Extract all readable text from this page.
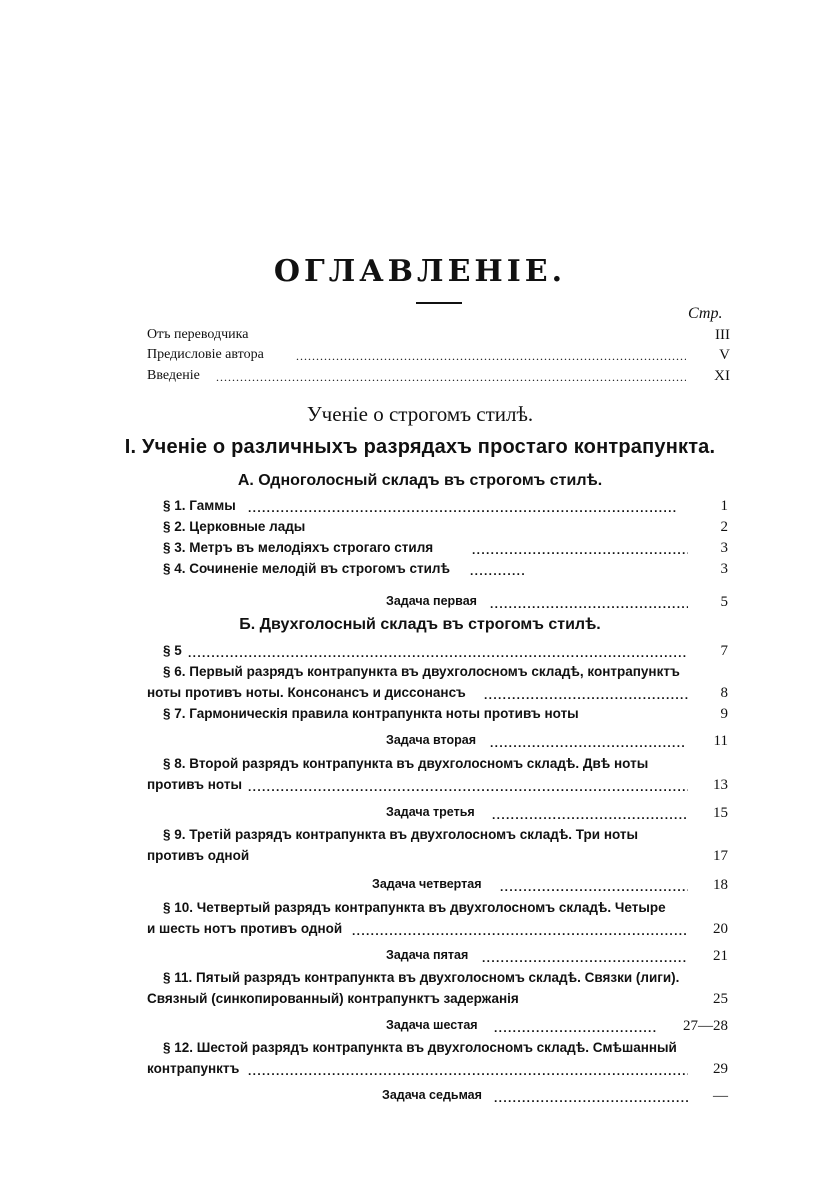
ОГЛАВЛЕНІЕ.
Стр.
Отъ переводчика	III
Предисловіе автора . . .	V
Введеніе . . .	XI
Ученіе о строгомъ стилѣ.
I. Ученіе о различныхъ разрядахъ простаго контрапункта.
А. Одноголосный складъ въ строгомъ стилѣ.
§ 1. Гаммы . . .	1
§ 2. Церковные лады	2
§ 3. Метръ въ мелодіяхъ строгаго стиля . . .	3
§ 4. Сочиненіе мелодій въ строгомъ стилѣ . . .	3
Задача первая . . .	5
Б. Двухголосный складъ въ строгомъ стилѣ.
§ 5 . . .	7
§ 6. Первый разрядъ контрапункта въ двухголосномъ складѣ, контрапунктъ
ноты противъ ноты. Консонансъ и диссонансъ . . .	8
§ 7. Гармоническія правила контрапункта ноты противъ ноты	9
Задача вторая . . .	11
§ 8. Второй разрядъ контрапункта въ двухголосномъ складѣ. Двѣ ноты
противъ ноты . . .	13
Задача третья . . .	15
§ 9. Третій разрядъ контрапункта въ двухголосномъ складѣ. Три ноты
противъ одной	17
Задача четвертая . . .	18
§ 10. Четвертый разрядъ контрапункта въ двухголосномъ складѣ. Четыре
и шесть нотъ противъ одной . . .	20
Задача пятая . . .	21
§ 11. Пятый разрядъ контрапункта въ двухголосномъ складѣ. Связки (лиги).
Связный (синкопированный) контрапунктъ задержанія	25
Задача шестая . . .	27—28
§ 12. Шестой разрядъ контрапункта въ двухголосномъ складѣ. Смѣшанный
контрапунктъ . . .	29
Задача седьмая . . .	—
